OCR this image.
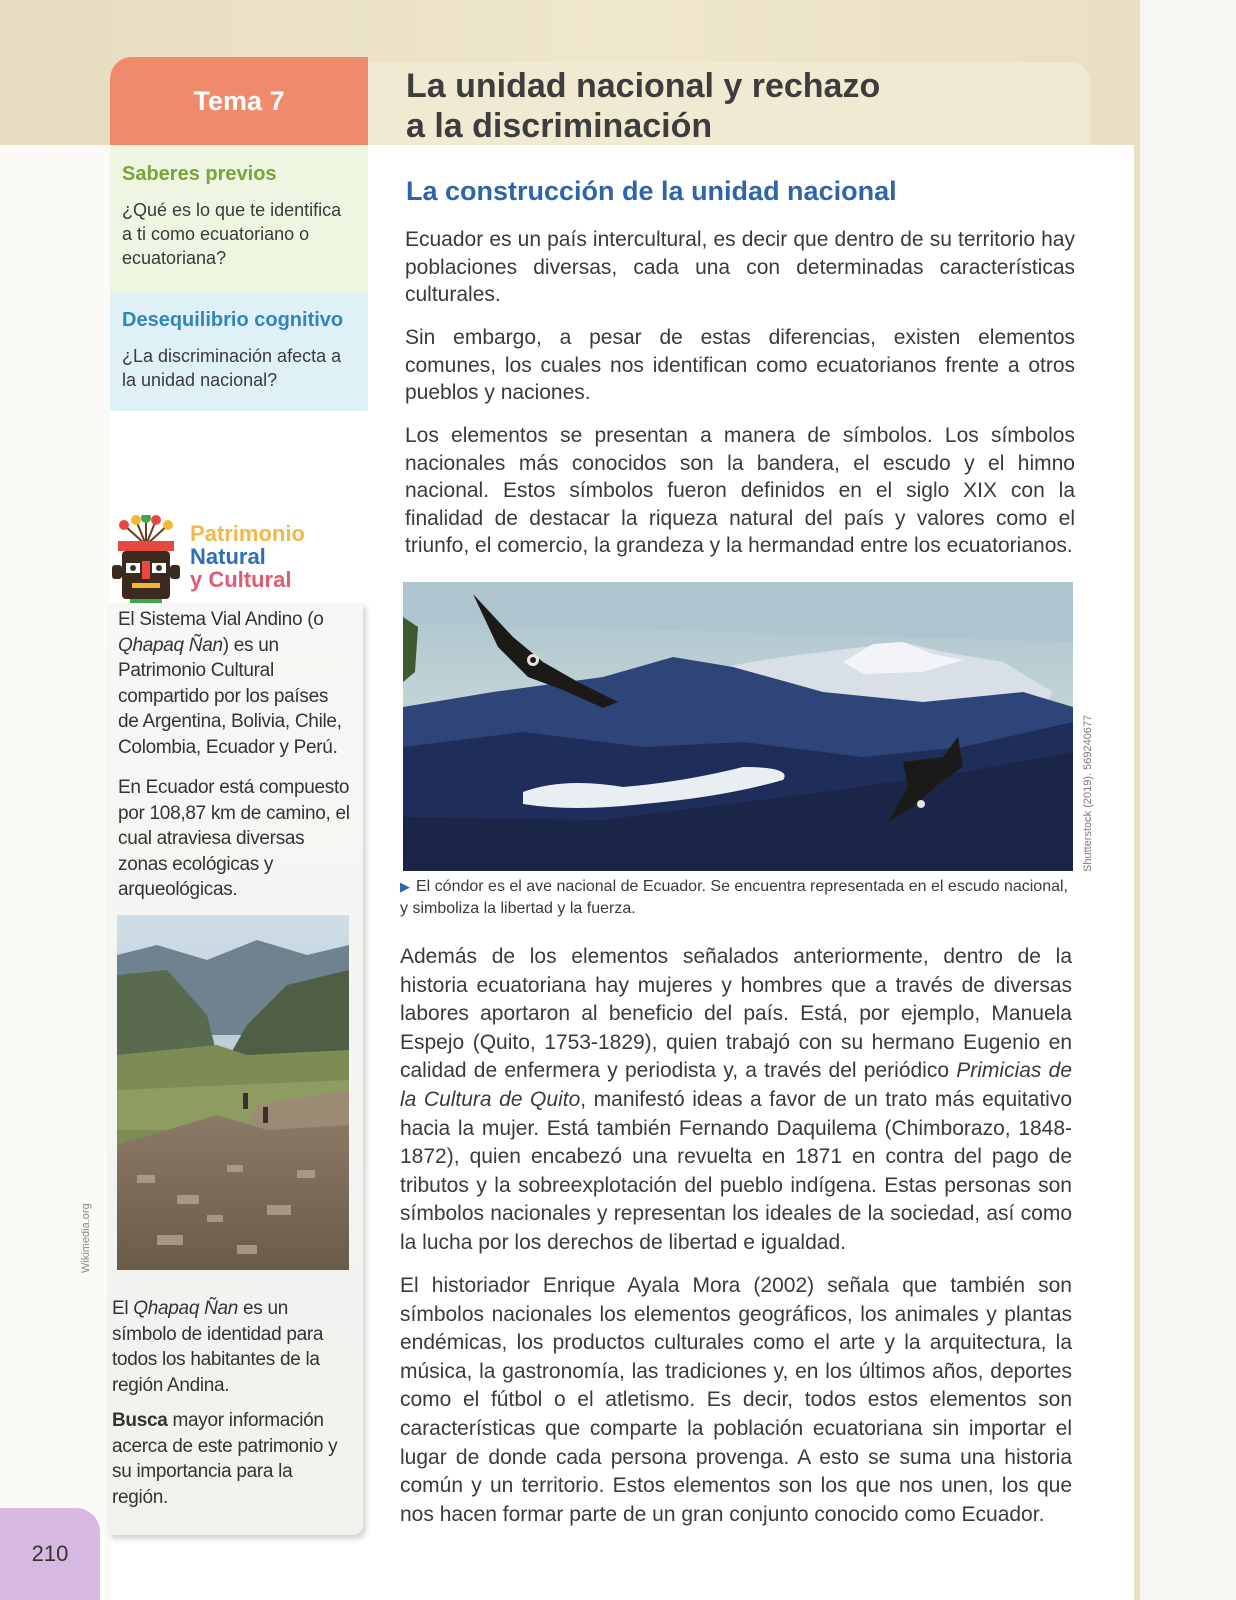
Tema 7	La unidad nacional y rechazo
a la discriminación
Saberes previos
¿Qué es lo que te identifica a ti como ecuatoriano o ecuatoriana?
Desequilibrio cognitivo
¿La discriminación afecta a la unidad nacional?
Patrimonio
Natural
y Cultural

El Sistema Vial Andino (o Qhapaq Ñan) es un Patrimonio Cultural compartido por los países de Argentina, Bolivia, Chile, Colombia, Ecuador y Perú.

En Ecuador está compuesto por 108,87 km de camino, el cual atraviesa diversas zonas ecológicas y arqueológicas.

Wikimedia.org

El Qhapaq Ñan es un símbolo de identidad para todos los habitantes de la región Andina.

Busca mayor información acerca de este patrimonio y su importancia para la región.

210
La construcción de la unidad nacional

Ecuador es un país intercultural, es decir que dentro de su territorio hay poblaciones diversas, cada una con determinadas características culturales.

Sin embargo, a pesar de estas diferencias, existen elementos comunes, los cuales nos identifican como ecuatorianos frente a otros pueblos y naciones.

Los elementos se presentan a manera de símbolos. Los símbolos nacionales más conocidos son la bandera, el escudo y el himno nacional. Estos símbolos fueron definidos en el siglo XIX con la finalidad de destacar la riqueza natural del país y valores como el triunfo, el comercio, la grandeza y la hermandad entre los ecuatorianos.

Shutterstock (2019). 569240677

▶ El cóndor es el ave nacional de Ecuador. Se encuentra representada en el escudo nacional, y simboliza la libertad y la fuerza.

Además de los elementos señalados anteriormente, dentro de la historia ecuatoriana hay mujeres y hombres que a través de diversas labores aportaron al beneficio del país. Está, por ejemplo, Manuela Espejo (Quito, 1753-1829), quien trabajó con su hermano Eugenio en calidad de enfermera y periodista y, a través del periódico Primicias de la Cultura de Quito, manifestó ideas a favor de un trato más equitativo hacia la mujer. Está también Fernando Daquilema (Chimborazo, 1848-1872), quien encabezó una revuelta en 1871 en contra del pago de tributos y la sobreexplotación del pueblo indígena. Estas personas son símbolos nacionales y representan los ideales de la sociedad, así como la lucha por los derechos de libertad e igualdad.

El historiador Enrique Ayala Mora (2002) señala que también son símbolos nacionales los elementos geográficos, los animales y plantas endémicas, los productos culturales como el arte y la arquitectura, la música, la gastronomía, las tradiciones y, en los últimos años, deportes como el fútbol o el atletismo. Es decir, todos estos elementos son características que comparte la población ecuatoriana sin importar el lugar de donde cada persona provenga. A esto se suma una historia común y un territorio. Estos elementos son los que nos unen, los que nos hacen formar parte de un gran conjunto conocido como Ecuador.
